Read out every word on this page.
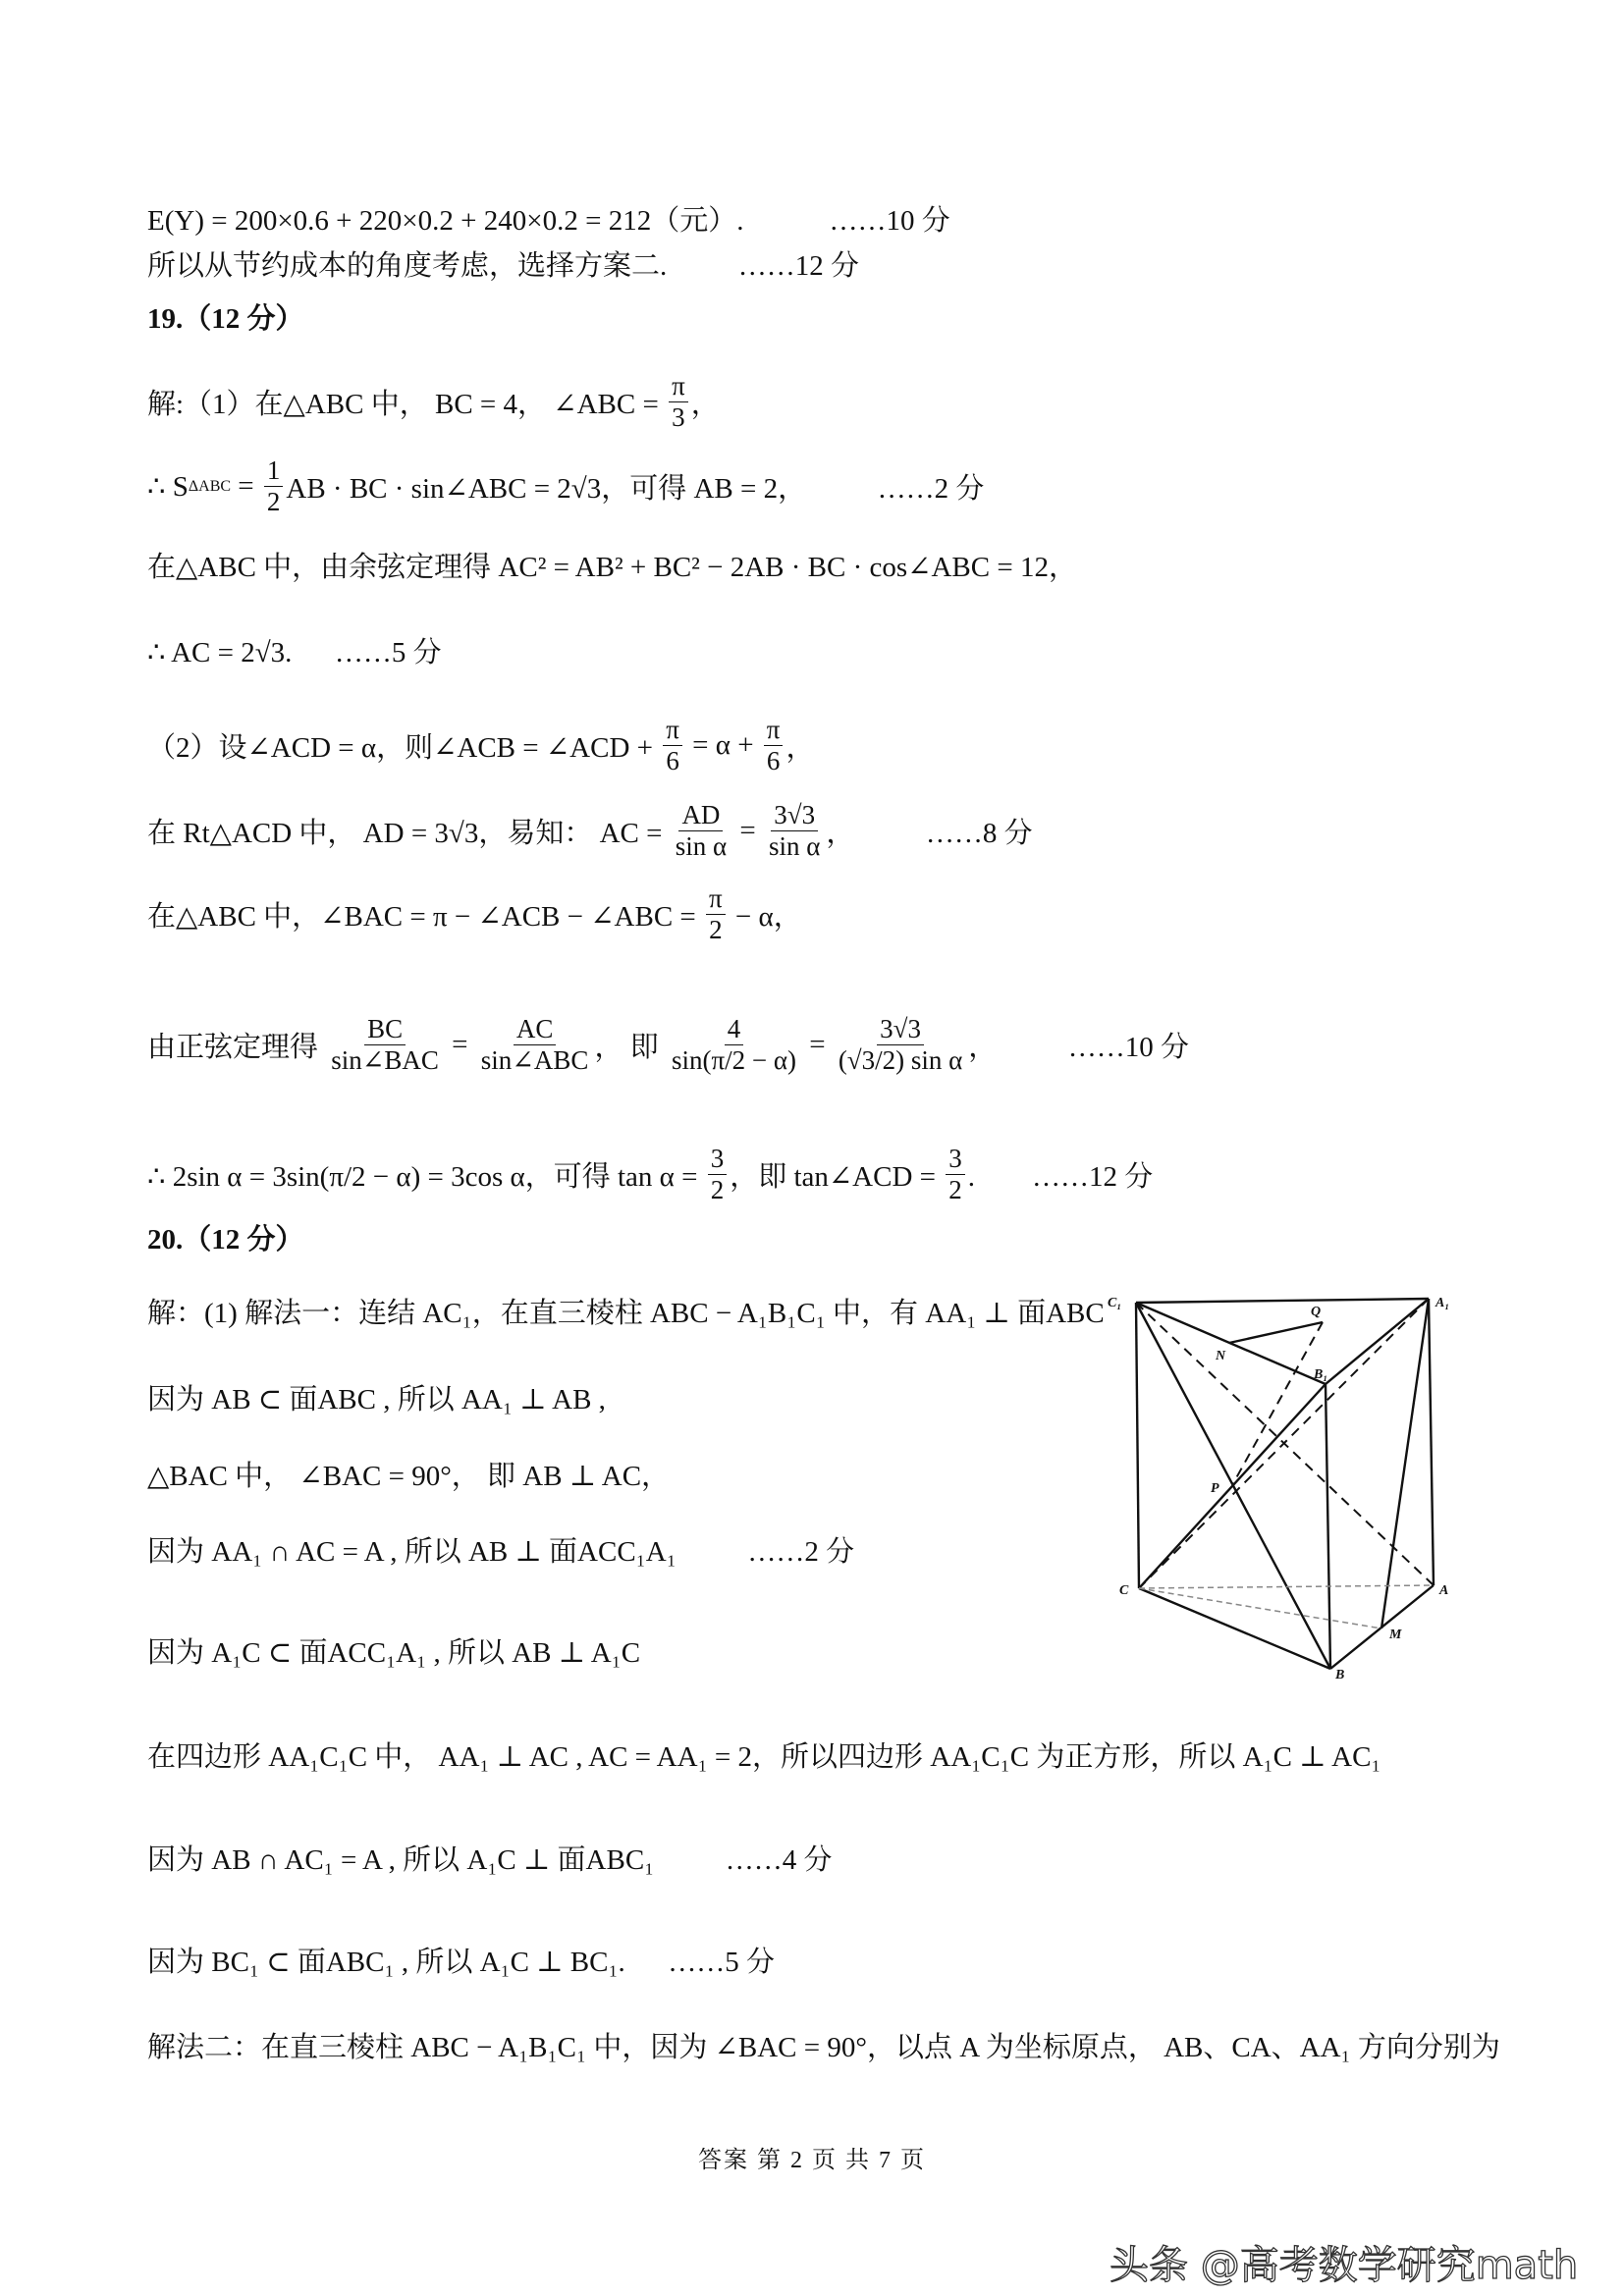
E(Y) = 200×0.6 + 220×0.2 + 240×0.2 = 212（元）.            ……10 分
所以从节约成本的角度考虑，选择方案二.          ……12 分
19.（12 分）
解:（1）在△ABC 中， BC = 4， ∠ABC = $\frac{\pi}{3}$ ，
∴ S $\Delta ABC = \frac{1}{2}$ AB · BC · sin∠ABC = 2√3，可得 AB = 2，          ……2 分
在△ABC 中，由余弦定理得 AC² = AB² + BC² − 2AB · BC · cos∠ABC = 12，
∴ AC = 2√3.      ……5 分
（2）设∠ACD = α，则∠ACB = ∠ACD + $\frac{\pi}{6} = \alpha + \frac{\pi}{6}$ ，
在 Rt△ACD 中， AD = 3√3，易知： AC = $\frac{AD}{\text{sin α}} = \frac{3√3}{\text{sin α}}$ ，          ……8 分
在△ABC 中，∠BAC = π − ∠ACB − ∠ABC = $\frac{\pi}{2} - \alpha$，
由正弦定理得 $\frac{BC}{\text{sin∠BAC}} = \frac{AC}{\text{sin∠ABC}}$ ， 即 $\frac{4}{\sin(\pi/2 - \alpha)} = \frac{3√3}{\text{(√3/2) sin α}}$ ，          ……10 分
∴ 2sin α = 3sin(π/2 − α) = 3cos α，可得 $\tan \alpha = \frac{3}{2}$ ，即 tan∠ACD = $\frac{3}{2}$ .        ……12 分
20.（12 分）
解：(1) 解法一：连结 AC₁，在直三棱柱 ABC − A₁B₁C₁ 中，有 AA₁ ⊥ 面ABC
因为 AB ⊂ 面ABC , 所以 AA₁ ⊥ AB ,
△BAC 中， ∠BAC = 90°， 即 AB ⊥ AC，
因为 AA₁ ∩ AC = A , 所以 AB ⊥ 面ACC₁A₁          ……2 分
因为 A₁C ⊂ 面ACC₁A₁ , 所以 AB ⊥ A₁C
在四边形 AA₁C₁C 中， AA₁ ⊥ AC , AC = AA₁ = 2，所以四边形 AA₁C₁C 为正方形，所以 A₁C ⊥ AC₁
因为 AB ∩ AC₁ = A , 所以 A₁C ⊥ 面ABC₁          ……4 分
因为 BC₁ ⊂ 面ABC₁ , 所以 A₁C ⊥ BC₁.      ……5 分
解法二：在直三棱柱 ABC − A₁B₁C₁ 中，因为 ∠BAC = 90°，以点 A 为坐标原点， AB、CA、AA₁ 方向分别为
C₁	A₁
Q
N
B₁
P
C	A
M
B
答案 第 2 页 共 7 页
头条 @高考数学研究math
